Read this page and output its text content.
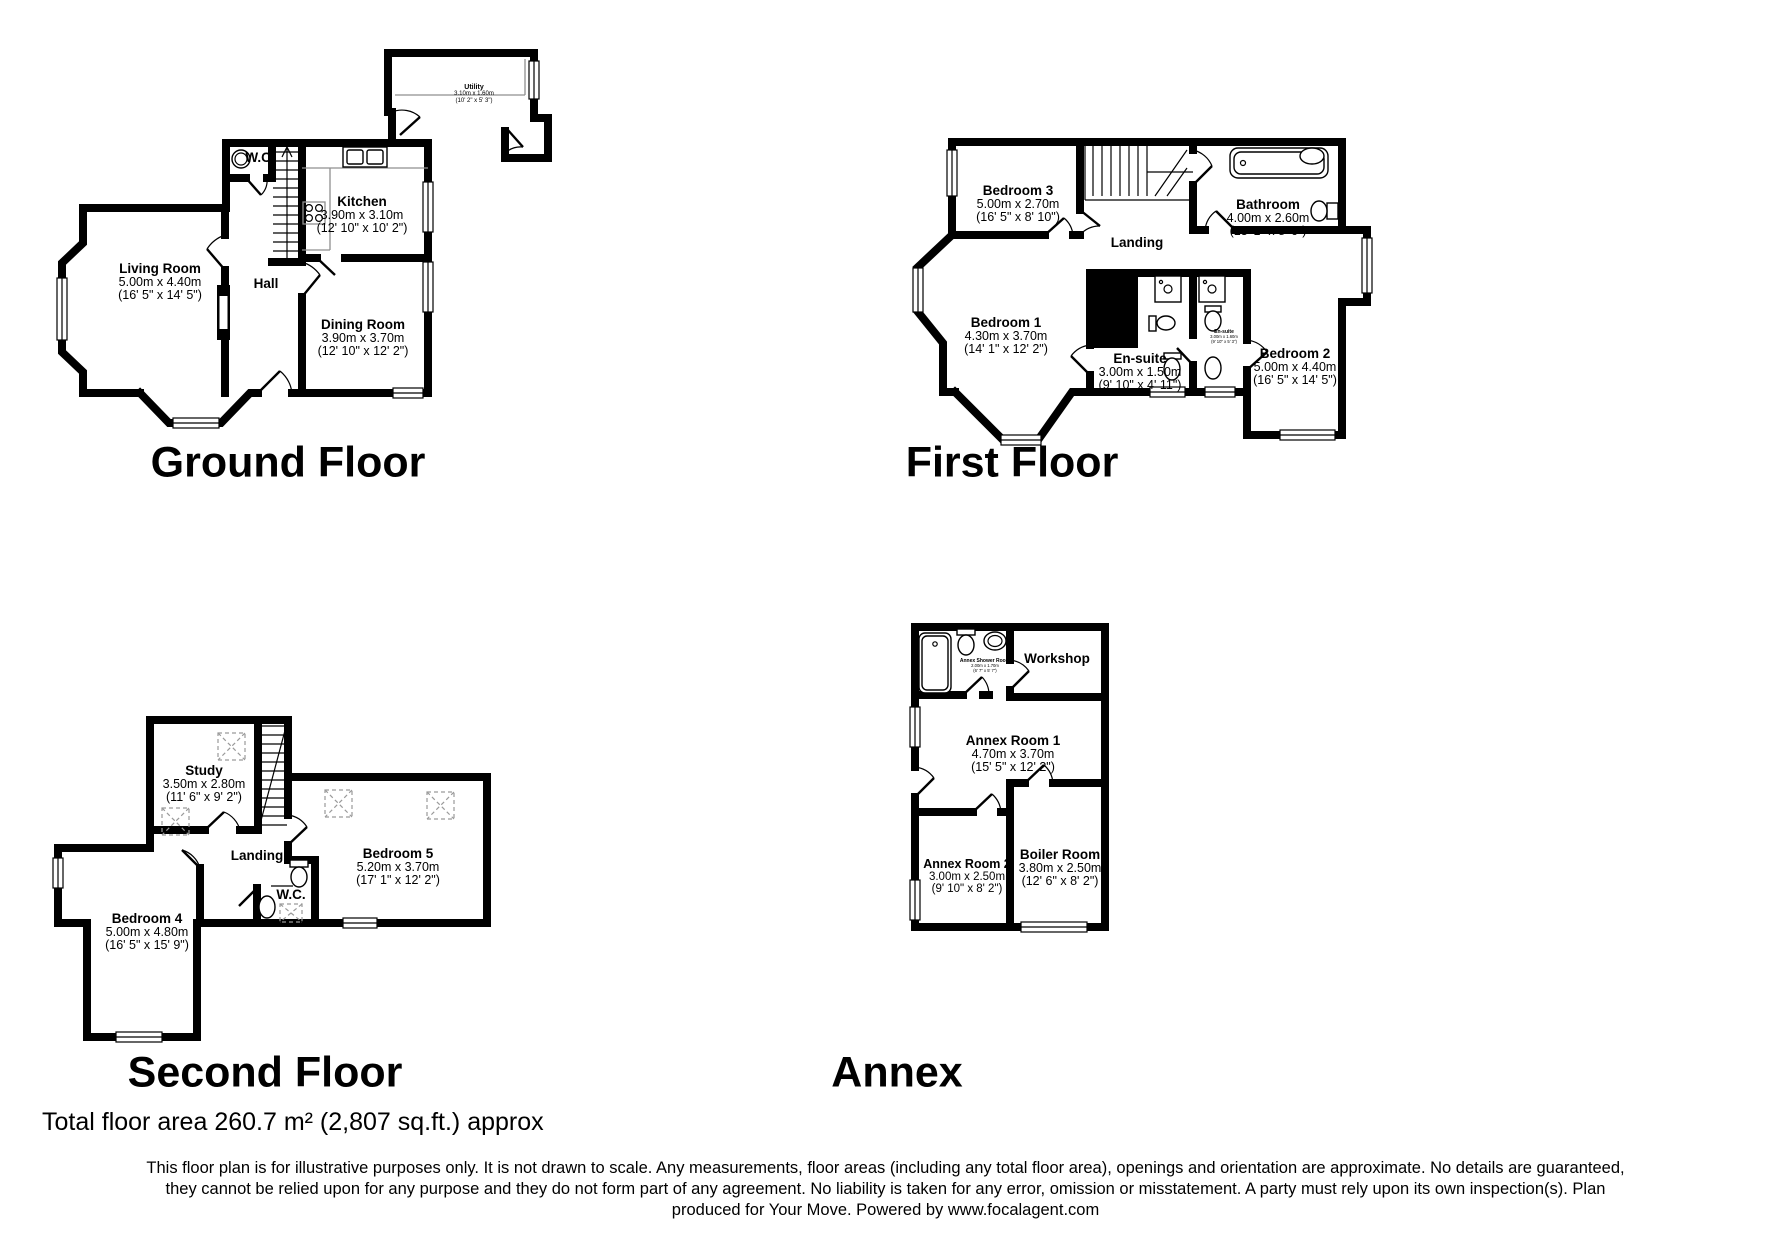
Living Room
5.00m x 4.40m
(16' 5" x 14' 5")
Hall
W.C.
Kitchen
3.90m x 3.10m
(12' 10" x 10' 2")
Dining Room
3.90m x 3.70m
(12' 10" x 12' 2")
Utility
3.10m x 1.60m
(10' 2" x 5' 3")
Bedroom 3
5.00m x 2.70m
(16' 5" x 8' 10")
Bathroom
4.00m x 2.60m
(13' 1" x 8' 6")
Landing
Bedroom 1
4.30m x 3.70m
(14' 1" x 12' 2")
En-suite
3.00m x 1.50m
(9' 10" x 4' 11")
En-suite
3.00m x 1.60m
(9' 10" x 5' 3")
Bedroom 2
5.00m x 4.40m
(16' 5" x 14' 5")
Study
3.50m x 2.80m
(11' 6" x 9' 2")
Landing
W.C.
Bedroom 5
5.20m x 3.70m
(17' 1" x 12' 2")
Bedroom 4
5.00m x 4.80m
(16' 5" x 15' 9")
Workshop
Annex Shower Room
2.00m x 1.70m
(6' 7" x 5' 7")
Annex Room 1
4.70m x 3.70m
(15' 5" x 12' 2")
Annex Room 2
3.00m x 2.50m
(9' 10" x 8' 2")
Boiler Room
3.80m x 2.50m
(12' 6" x 8' 2")
Ground Floor	First Floor
Second Floor	Annex
Total floor area 260.7 m² (2,807 sq.ft.) approx
This floor plan is for illustrative purposes only. It is not drawn to scale. Any measurements, floor areas (including any total floor area), openings and orientation are approximate. No details are guaranteed,
they cannot be relied upon for any purpose and they do not form part of any agreement. No liability is taken for any error, omission or misstatement. A party must rely upon its own inspection(s). Plan
produced for Your Move. Powered by www.focalagent.com
